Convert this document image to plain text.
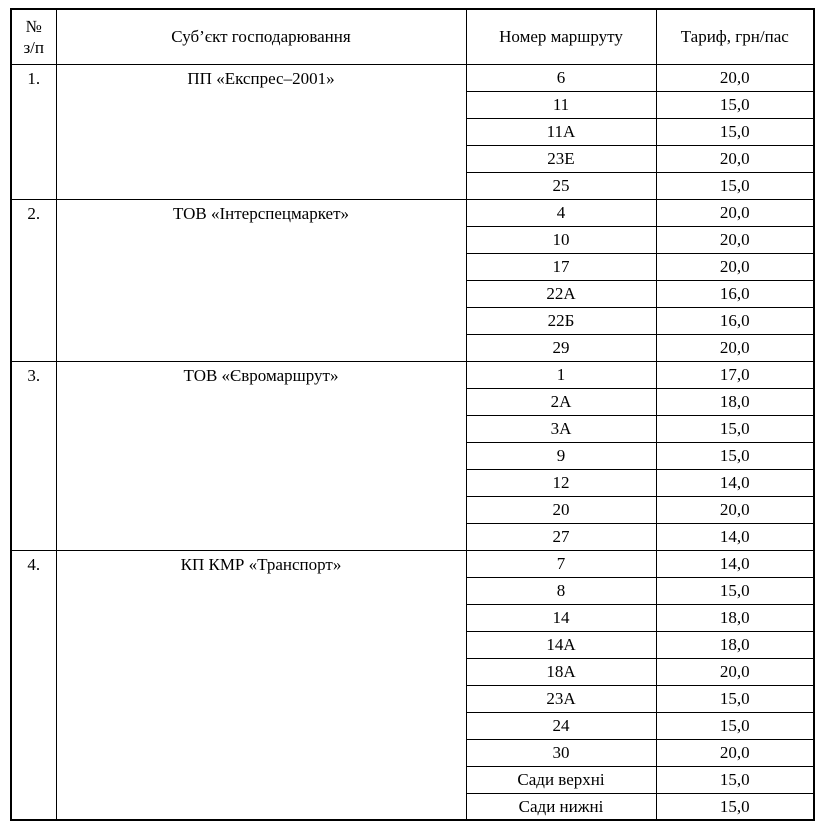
№
з/п	Суб’єкт господарювання	Номер маршруту	Тариф, грн/пас
1.	ПП «Експрес–2001»	6	20,0
		11	15,0
		11А	15,0
		23Е	20,0
		25	15,0
2.	ТОВ «Інтерспецмаркет»	4	20,0
		10	20,0
		17	20,0
		22А	16,0
		22Б	16,0
		29	20,0
3.	ТОВ «Євромаршрут»	1	17,0
		2А	18,0
		3А	15,0
		9	15,0
		12	14,0
		20	20,0
		27	14,0
4.	КП КМР «Транспорт»	7	14,0
		8	15,0
		14	18,0
		14А	18,0
		18А	20,0
		23А	15,0
		24	15,0
		30	20,0
		Сади верхні	15,0
		Сади нижні	15,0
